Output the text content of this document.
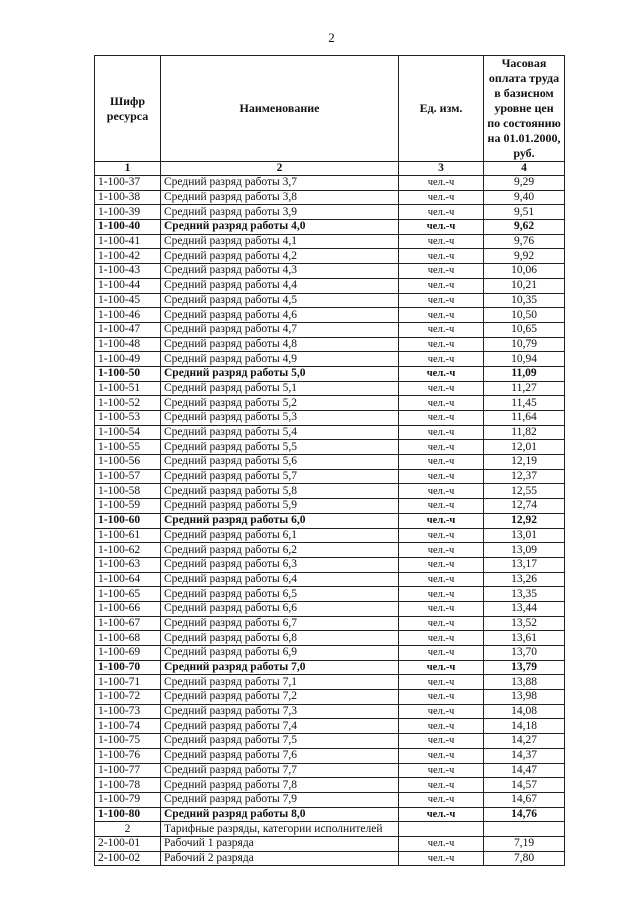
2
Шифр ресурса	Наименование	Ед. изм.	Часовая оплата труда в базисном уровне цен по состоянию на 01.01.2000, руб.
1	2	3	4
1-100-37	Средний разряд работы 3,7	чел.-ч	9,29
1-100-38	Средний разряд работы 3,8	чел.-ч	9,40
1-100-39	Средний разряд работы 3,9	чел.-ч	9,51
1-100-40	Средний разряд работы 4,0	чел.-ч	9,62
1-100-41	Средний разряд работы 4,1	чел.-ч	9,76
1-100-42	Средний разряд работы 4,2	чел.-ч	9,92
1-100-43	Средний разряд работы 4,3	чел.-ч	10,06
1-100-44	Средний разряд работы 4,4	чел.-ч	10,21
1-100-45	Средний разряд работы 4,5	чел.-ч	10,35
1-100-46	Средний разряд работы 4,6	чел.-ч	10,50
1-100-47	Средний разряд работы 4,7	чел.-ч	10,65
1-100-48	Средний разряд работы 4,8	чел.-ч	10,79
1-100-49	Средний разряд работы 4,9	чел.-ч	10,94
1-100-50	Средний разряд работы 5,0	чел.-ч	11,09
1-100-51	Средний разряд работы 5,1	чел.-ч	11,27
1-100-52	Средний разряд работы 5,2	чел.-ч	11,45
1-100-53	Средний разряд работы 5,3	чел.-ч	11,64
1-100-54	Средний разряд работы 5,4	чел.-ч	11,82
1-100-55	Средний разряд работы 5,5	чел.-ч	12,01
1-100-56	Средний разряд работы 5,6	чел.-ч	12,19
1-100-57	Средний разряд работы 5,7	чел.-ч	12,37
1-100-58	Средний разряд работы 5,8	чел.-ч	12,55
1-100-59	Средний разряд работы 5,9	чел.-ч	12,74
1-100-60	Средний разряд работы 6,0	чел.-ч	12,92
1-100-61	Средний разряд работы 6,1	чел.-ч	13,01
1-100-62	Средний разряд работы 6,2	чел.-ч	13,09
1-100-63	Средний разряд работы 6,3	чел.-ч	13,17
1-100-64	Средний разряд работы 6,4	чел.-ч	13,26
1-100-65	Средний разряд работы 6,5	чел.-ч	13,35
1-100-66	Средний разряд работы 6,6	чел.-ч	13,44
1-100-67	Средний разряд работы 6,7	чел.-ч	13,52
1-100-68	Средний разряд работы 6,8	чел.-ч	13,61
1-100-69	Средний разряд работы 6,9	чел.-ч	13,70
1-100-70	Средний разряд работы 7,0	чел.-ч	13,79
1-100-71	Средний разряд работы 7,1	чел.-ч	13,88
1-100-72	Средний разряд работы 7,2	чел.-ч	13,98
1-100-73	Средний разряд работы 7,3	чел.-ч	14,08
1-100-74	Средний разряд работы 7,4	чел.-ч	14,18
1-100-75	Средний разряд работы 7,5	чел.-ч	14,27
1-100-76	Средний разряд работы 7,6	чел.-ч	14,37
1-100-77	Средний разряд работы 7,7	чел.-ч	14,47
1-100-78	Средний разряд работы 7,8	чел.-ч	14,57
1-100-79	Средний разряд работы 7,9	чел.-ч	14,67
1-100-80	Средний разряд работы 8,0	чел.-ч	14,76
2	Тарифные разряды, категории исполнителей		
2-100-01	Рабочий 1 разряда	чел.-ч	7,19
2-100-02	Рабочий 2 разряда	чел.-ч	7,80
